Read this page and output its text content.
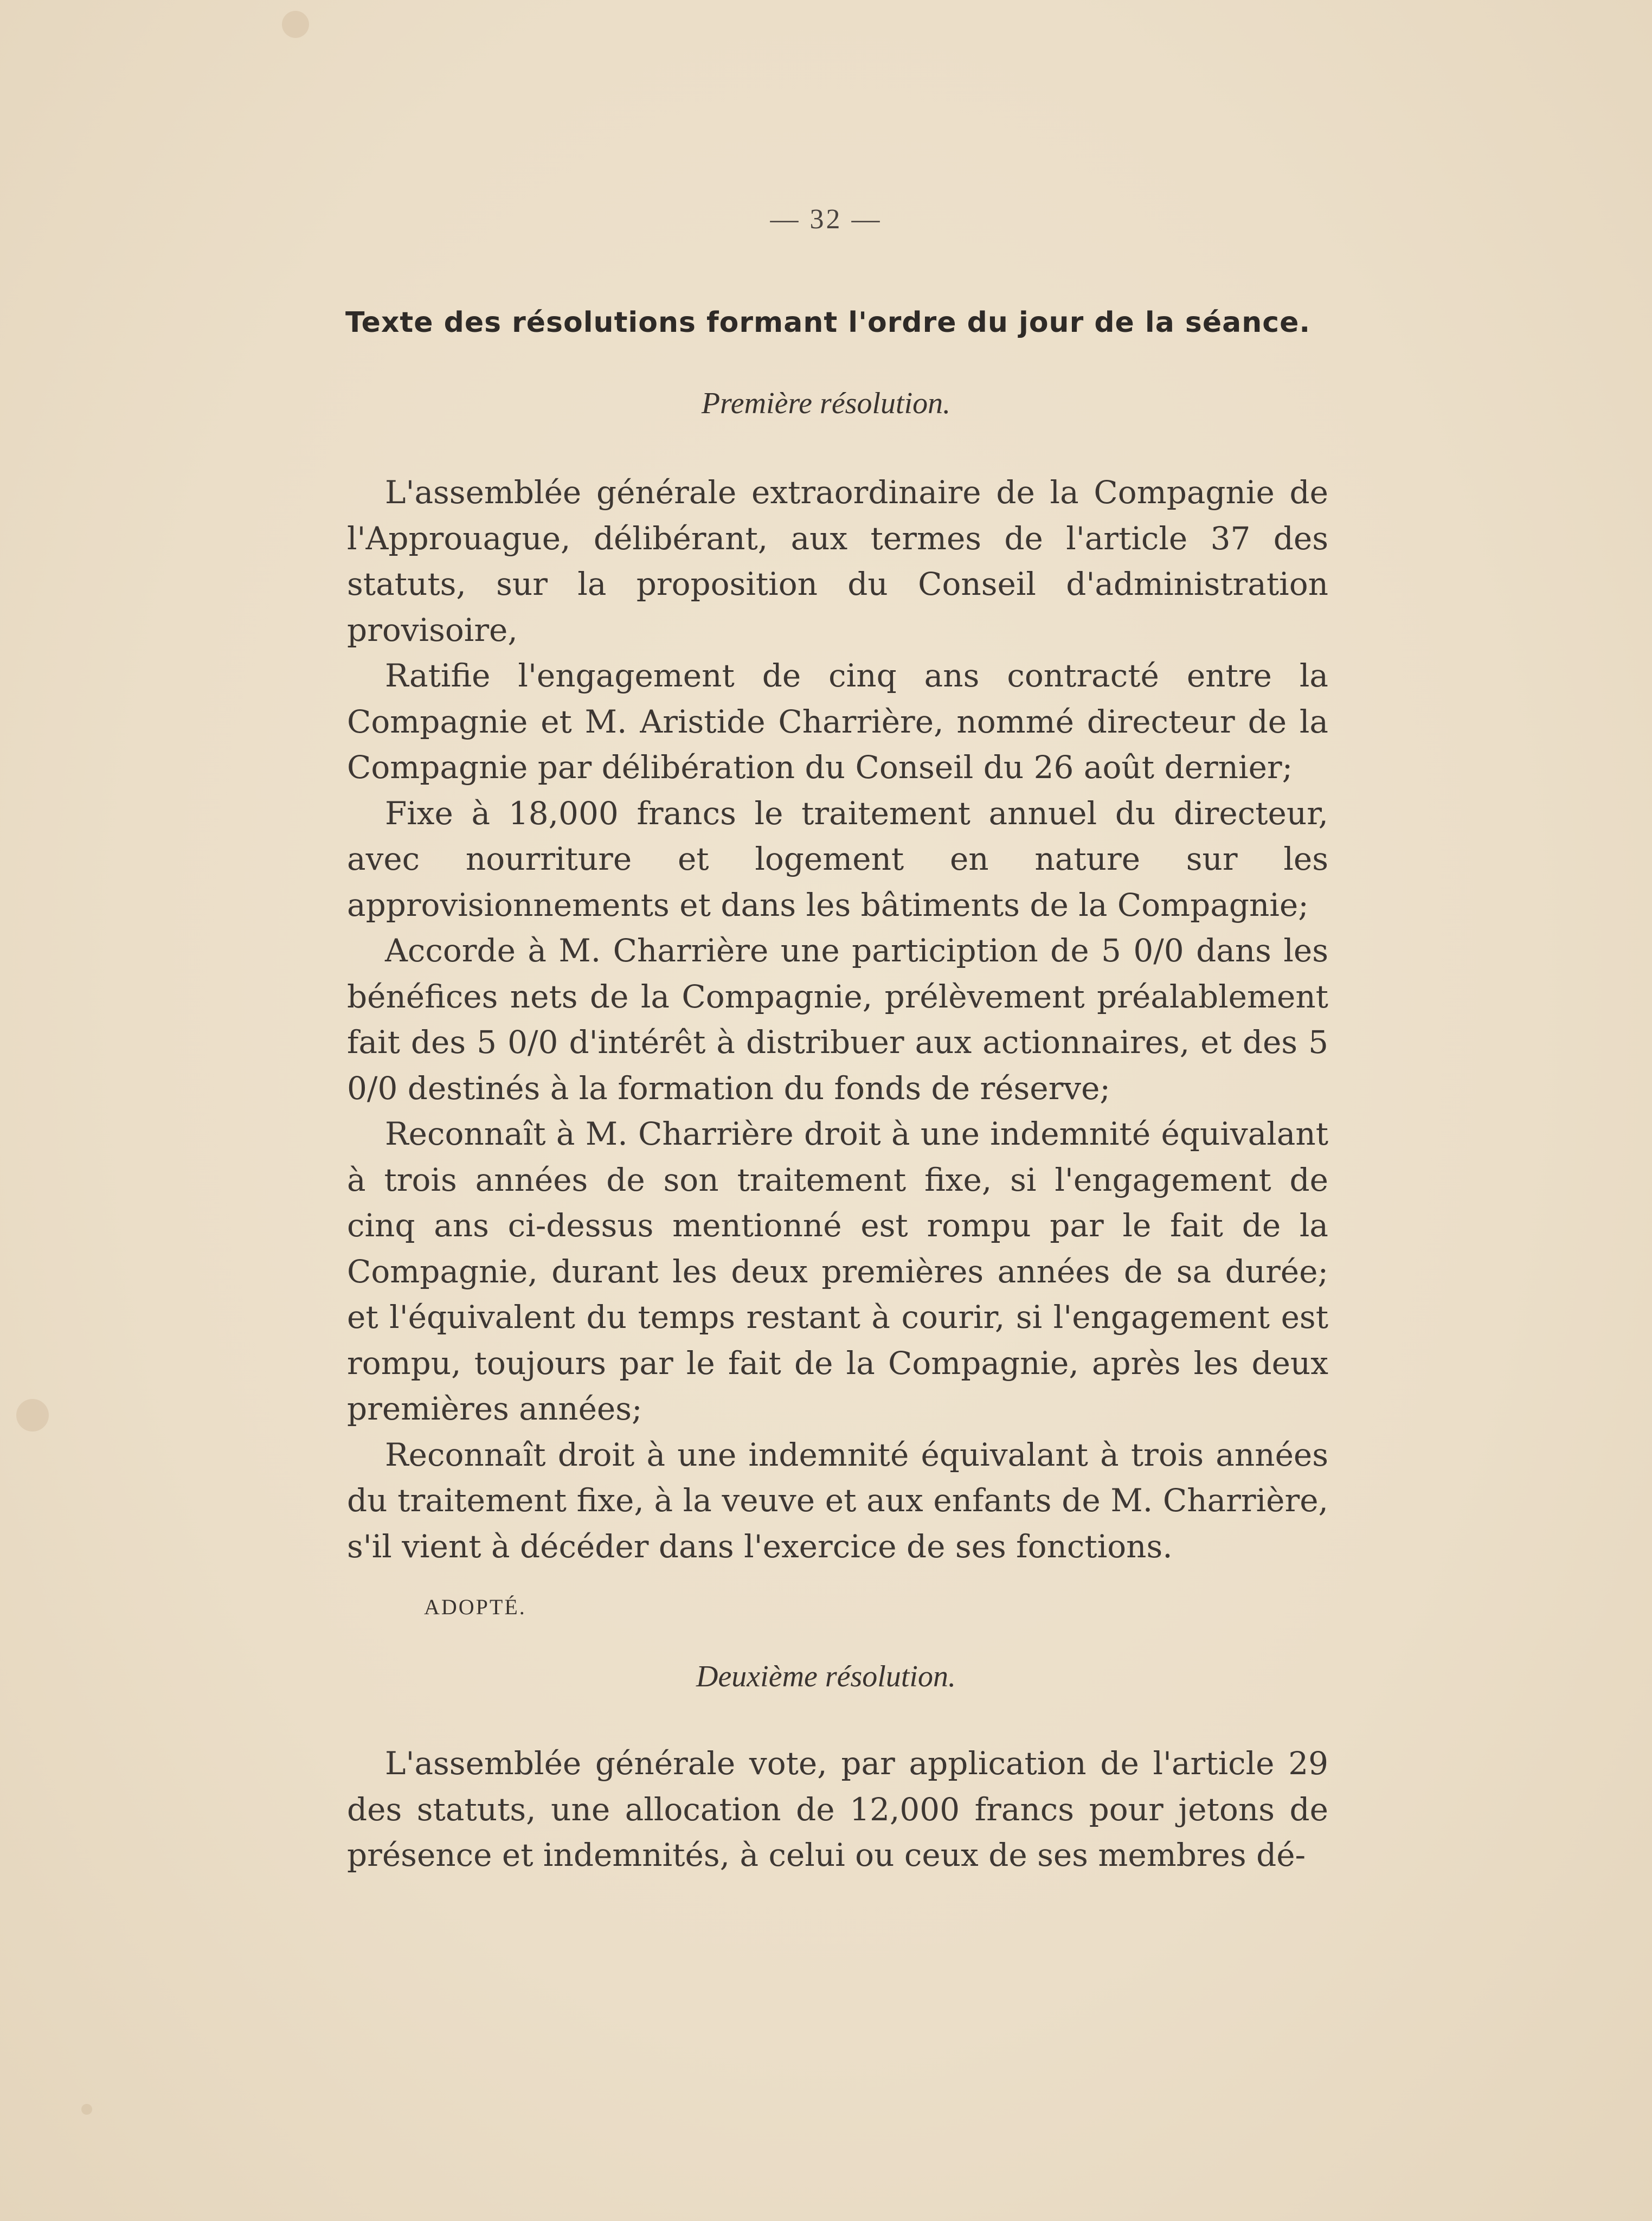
— 32 —
Texte des résolutions formant l'ordre du jour de la séance.
Première résolution.

L'assemblée générale extraordinaire de la Compagnie de l'Approuague, délibérant, aux termes de l'article 37 des statuts, sur la proposition du Conseil d'administration provisoire,

Ratifie l'engagement de cinq ans contracté entre la Compagnie et M. Aristide Charrière, nommé directeur de la Compagnie par délibération du Conseil du 26 août dernier;

Fixe à 18,000 francs le traitement annuel du directeur, avec nourriture et logement en nature sur les approvisionnements et dans les bâtiments de la Compagnie;

Accorde à M. Charrière une particiption de 5 0/0 dans les bénéfices nets de la Compagnie, prélèvement préalablement fait des 5 0/0 d'intérêt à distribuer aux actionnaires, et des 5 0/0 destinés à la formation du fonds de réserve;

Reconnaît à M. Charrière droit à une indemnité équivalant à trois années de son traitement fixe, si l'engagement de cinq ans ci-dessus mentionné est rompu par le fait de la Compagnie, durant les deux premières années de sa durée; et l'équivalent du temps restant à courir, si l'engagement est rompu, toujours par le fait de la Compagnie, après les deux premières années;

Reconnaît droit à une indemnité équivalant à trois années du traitement fixe, à la veuve et aux enfants de M. Charrière, s'il vient à décéder dans l'exercice de ses fonctions.

ADOPTÉ.
Deuxième résolution.

L'assemblée générale vote, par application de l'article 29 des statuts, une allocation de 12,000 francs pour jetons de présence et indemnités, à celui ou ceux de ses membres dé-
